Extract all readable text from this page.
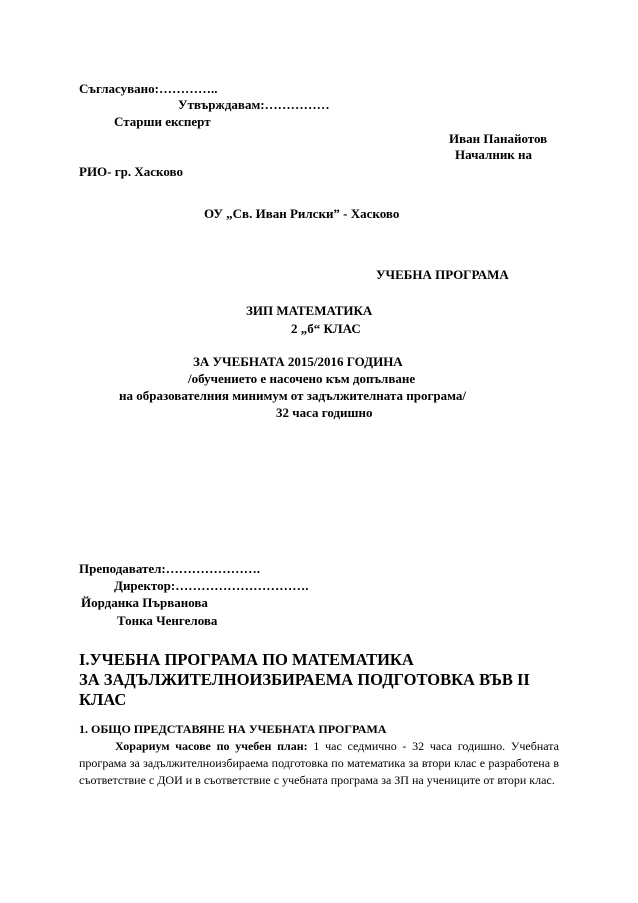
Съгласувано:…………..
Утвърждавам:……………
Старши експерт
Иван Панайотов
Началник на
РИО- гр. Хасково
ОУ „Св. Иван Рилски” - Хасково
УЧЕБНА ПРОГРАМА
ЗИП МАТЕМАТИКА
2 „б“ КЛАС
ЗА УЧЕБНАТА 2015/2016 ГОДИНА
/обучението е насочено към допълване
на образователния минимум от задължителната програма/
32 часа годишно
Преподавател:………………….
Директор:………………………….
Йорданка Първанова
Тонка Ченгелова
I.УЧЕБНА ПРОГРАМА ПО МАТЕМАТИКА
ЗА ЗАДЪЛЖИТЕЛНОИЗБИРАЕМА ПОДГОТОВКА ВЪВ II
КЛАС
1. ОБЩО ПРЕДСТАВЯНЕ НА УЧЕБНАТА ПРОГРАМА
Хорариум часове по учебен план: 1 час седмично - 32 часа годишно. Учебната програма за задължителноизбираема подготовка по математика за втори клас е разработена в съответствие с ДОИ и в съответствие с учебната програма за ЗП на учениците от втори клас.
